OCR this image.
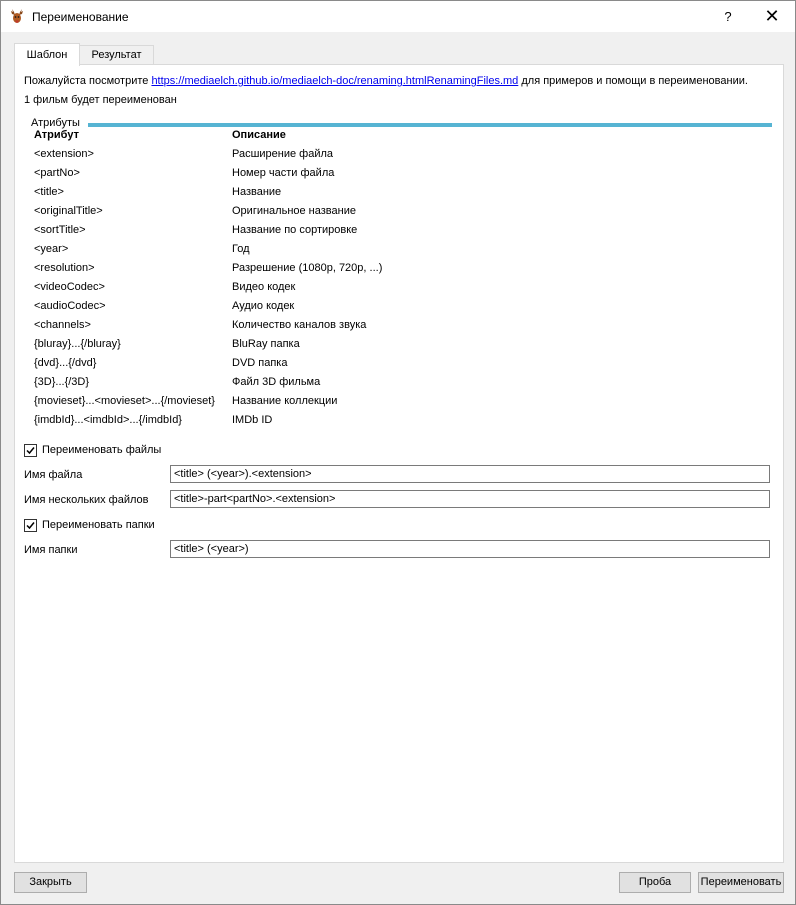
Переименование	?	✕
Шаблон	Результат
Пожалуйста посмотрите https://mediaelch.github.io/mediaelch-doc/renaming.htmlRenamingFiles.md для примеров и помощи в переименовании.
1 фильм будет переименован
Атрибуты
Атрибут	Описание
<extension>	Расширение файла
<partNo>	Номер части файла
<title>	Название
<originalTitle>	Оригинальное название
<sortTitle>	Название по сортировке
<year>	Год
<resolution>	Разрешение (1080p, 720p, ...)
<videoCodec>	Видео кодек
<audioCodec>	Аудио кодек
<channels>	Количество каналов звука
{bluray}...{/bluray}	BluRay папка
{dvd}...{/dvd}	DVD папка
{3D}...{/3D}	Файл 3D фильма
{movieset}...<movieset>...{/movieset} Название коллекции
{imdbId}...<imdbId>...{/imdbId}	IMDb ID
Переименовать файлы
Имя файла
<title> (<year>).<extension>
Имя нескольких файлов
<title>-part<partNo>.<extension>
Переименовать папки
Имя папки
<title> (<year>)
Закрыть	Проба	Переименовать
